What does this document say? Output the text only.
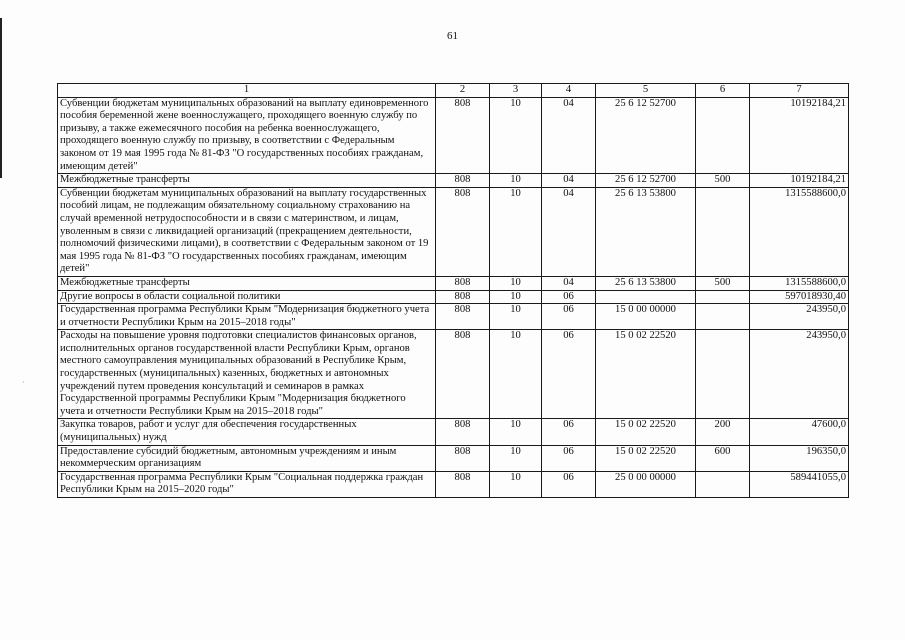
61
1	2	3	4	5	6	7
Субвенции бюджетам муниципальных образований на выплату единовременного пособия беременной жене военнослужащего, проходящего военную службу по призыву, а также ежемесячного пособия на ребенка военнослужащего, проходящего военную службу по призыву, в соответствии с Федеральным законом от 19 мая 1995 года № 81-ФЗ "О государственных пособиях гражданам, имеющим детей"	808	10	04	25 6 12 52700		10192184,21
Межбюджетные трансферты	808	10	04	25 6 12 52700	500	10192184,21
Субвенции бюджетам муниципальных образований на выплату государственных пособий лицам, не подлежащим обязательному социальному страхованию на случай временной нетрудоспособности и в связи с материнством, и лицам, уволенным в связи с ликвидацией организаций (прекращением деятельности, полномочий физическими лицами), в соответствии с Федеральным законом от 19 мая 1995 года № 81-ФЗ "О государственных пособиях гражданам, имеющим детей"	808	10	04	25 6 13 53800		1315588600,0
Межбюджетные трансферты	808	10	04	25 6 13 53800	500	1315588600,0
Другие вопросы в области социальной политики	808	10	06			597018930,40
Государственная программа Республики Крым "Модернизация бюджетного учета и отчетности Республики Крым на 2015–2018 годы"	808	10	06	15 0 00 00000		243950,0
Расходы на повышение уровня подготовки специалистов финансовых органов, исполнительных органов государственной власти Республики Крым, органов местного самоуправления муниципальных образований в Республике Крым, государственных (муниципальных) казенных, бюджетных и автономных учреждений путем проведения консультаций и семинаров в рамках Государственной программы Республики Крым "Модернизация бюджетного учета и отчетности Республики Крым на 2015–2018 годы"	808	10	06	15 0 02 22520		243950,0
Закупка товаров, работ и услуг для обеспечения государственных (муниципальных) нужд	808	10	06	15 0 02 22520	200	47600,0
Предоставление субсидий бюджетным, автономным учреждениям и иным некоммерческим организациям	808	10	06	15 0 02 22520	600	196350,0
Государственная программа Республики Крым "Социальная поддержка граждан Республики Крым на 2015–2020 годы"	808	10	06	25 0 00 00000		589441055,0
·
